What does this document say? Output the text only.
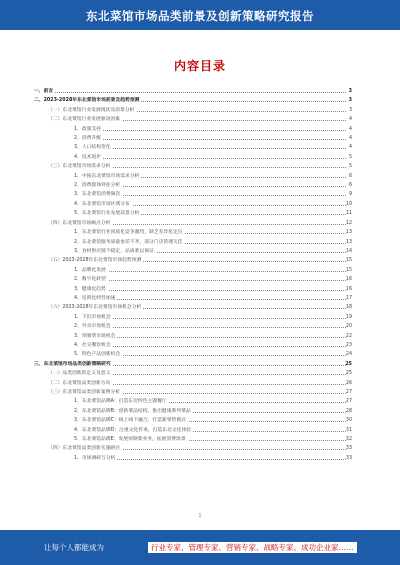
东北菜馆市场品类前景及创新策略研究报告
内容目录
一、前言	3
二、2023-2028年东北菜馆市场前景及趋势预测	3
（一）东北菜馆行业发展现状及前景分析	3
（二）东北菜馆行业发展驱动因素	4
1、政策支持	4
2、消费升级	4
3、人口结构变化	4
4、技术进步	5
（三）东北菜馆市场需求分析	5
1、中国东北菜馆市场需求分析	6
2、消费群体特征分析	6
3、东北菜馆消费频次	9
4、东北菜馆市场区域分布	10
5、东北菜馆行业发展前景分析	11
（四）东北菜馆市场痛点分析	12
1、东北菜馆行业同质化竞争激烈，缺乏差异化定位	13
2、东北菜馆服务质量参差不齐，部分门店管理欠佳	13
3、食材供应链不稳定，品质难以保证	14
（五）2023-2028年东北菜馆市场趋势预测	15
1、品牌化发展	15
2、数字化转型	16
3、健康化趋势	16
4、连锁化经营加速	17
（六）2023-2028年东北菜馆市场机会分析	18
1、下沉市场机会	19
2、外卖市场机会	20
3、预制菜市场机会	22
4、社交餐饮机会	23
5、特色产品创新机会	24
三、东北菜馆市场品类创新策略研究	25
（一）品类创新的定义及意义	25
（二）东北菜馆品类创新方向	26
（三）东北菜馆品类创新案例分析	27
1、东北菜馆品牌A：打造东北特色主题餐厅	27
2、东北菜馆品牌B：创新菜品结构，推出健康系列菜品	28
3、东北菜馆品牌C：线上线下融合，打造新零售模式	30
4、东北菜馆品牌D：注重文化传承，打造东北文化体验	31
5、东北菜馆品牌E：发展预制菜业务，拓展消费场景	32
（四）东北菜馆品类创新实施路径	33
1、市场调研与分析	33
1
让每个人都能成为	行业专家、管理专家、营销专家、战略专家、成功企业家……
